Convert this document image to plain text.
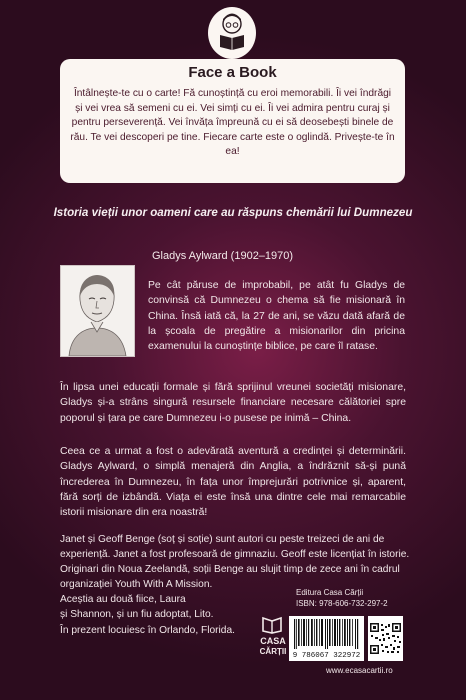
Face a Book
Întâlnește-te cu o carte! Fă cunoștință cu eroi memorabili. Îi vei îndrăgi și vei vrea să semeni cu ei. Vei simți cu ei. Îi vei admira pentru curaj și pentru perseverență. Vei învăța împreună cu ei să deosebești binele de rău. Te vei descoperi pe tine. Fiecare carte este o oglindă. Privește-te în ea!
Istoria vieții unor oameni care au răspuns chemării lui Dumnezeu
Gladys Aylward (1902–1970)
Pe cât păruse de improbabil, pe atât fu Gladys de convinsă că Dumnezeu o chema să fie misionară în China. Însă iată că, la 27 de ani, se văzu dată afară de la școala de pregătire a misionarilor din pricina examenului la cunoștințe biblice, pe care îl ratase.
În lipsa unei educații formale și fără sprijinul vreunei societăți misionare, Gladys și-a strâns singură resursele financiare necesare călătoriei spre poporul și țara pe care Dumnezeu i-o pusese pe inimă – China.
Ceea ce a urmat a fost o adevărată aventură a credinței și determinării. Gladys Aylward, o simplă menajeră din Anglia, a îndrăznit să-și pună încrederea în Dumnezeu, în fața unor împrejurări potrivnice și, aparent, fără sorți de izbândă. Viața ei este însă una dintre cele mai remarcabile istorii misionare din era noastră!
Janet și Geoff Benge (soț și soție) sunt autori cu peste treizeci de ani de
experiență. Janet a fost profesoară de gimnaziu. Geoff este licențiat în istorie.
Originari din Noua Zeelandă, soții Benge au slujit timp de zece ani în cadrul
organizației Youth With A Mission.
Aceștia au două fiice, Laura
și Shannon, și un fiu adoptat, Lito.
În prezent locuiesc în Orlando, Florida.
Editura Casa Cărții
ISBN: 978-606-732-297-2
CASA
CĂRȚII 9 786067 322972
www.ecasacartii.ro
